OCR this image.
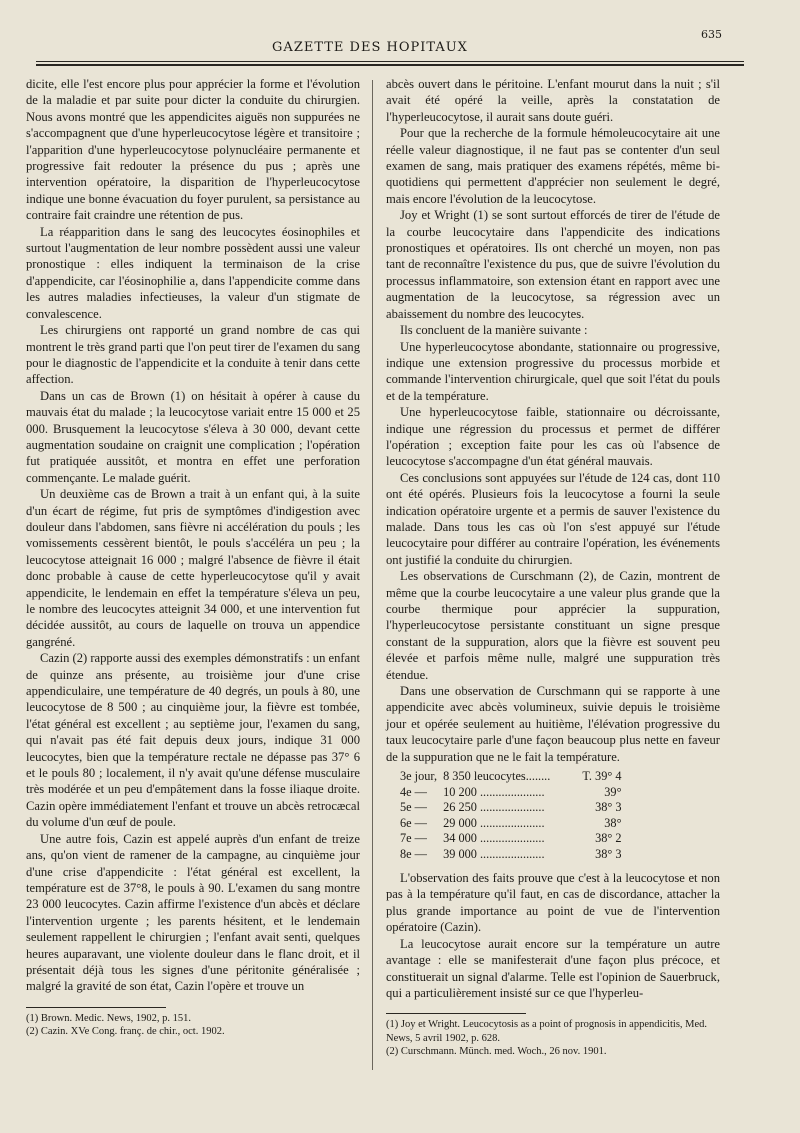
635
GAZETTE DES HOPITAUX

dicite, elle l'est encore plus pour apprécier la forme et l'évolution de la maladie et par suite pour dicter la conduite du chirurgien. Nous avons montré que les appendicites aiguës non suppurées ne s'accompagnent que d'une hyperleucocytose légère et transitoire ; l'apparition d'une hyperleucocytose polynucléaire permanente et progressive fait redouter la présence du pus ; après une intervention opératoire, la disparition de l'hyperleucocytose indique une bonne évacuation du foyer purulent, sa persistance au contraire fait craindre une rétention de pus.

La réapparition dans le sang des leucocytes éosinophiles et surtout l'augmentation de leur nombre possèdent aussi une valeur pronostique : elles indiquent la terminaison de la crise d'appendicite, car l'éosinophilie a, dans l'appendicite comme dans les autres maladies infectieuses, la valeur d'un stigmate de convalescence.

Les chirurgiens ont rapporté un grand nombre de cas qui montrent le très grand parti que l'on peut tirer de l'examen du sang pour le diagnostic de l'appendicite et la conduite à tenir dans cette affection.

Dans un cas de Brown (1) on hésitait à opérer à cause du mauvais état du malade ; la leucocytose variait entre 15 000 et 25 000. Brusquement la leucocytose s'éleva à 30 000, devant cette augmentation soudaine on craignit une complication ; l'opération fut pratiquée aussitôt, et montra en effet une perforation commençante. Le malade guérit.

Un deuxième cas de Brown a trait à un enfant qui, à la suite d'un écart de régime, fut pris de symptômes d'indigestion avec douleur dans l'abdomen, sans fièvre ni accélération du pouls ; les vomissements cessèrent bientôt, le pouls s'accéléra un peu ; la leucocytose atteignait 16 000 ; malgré l'absence de fièvre il était donc probable à cause de cette hyperleucocytose qu'il y avait appendicite, le lendemain en effet la température s'éleva un peu, le nombre des leucocytes atteignit 34 000, et une intervention fut décidée aussitôt, au cours de laquelle on trouva un appendice gangréné.

Cazin (2) rapporte aussi des exemples démonstratifs : un enfant de quinze ans présente, au troisième jour d'une crise appendiculaire, une température de 40 degrés, un pouls à 80, une leucocytose de 8 500 ; au cinquième jour, la fièvre est tombée, l'état général est excellent ; au septième jour, l'examen du sang, qui n'avait pas été fait depuis deux jours, indique 31 000 leucocytes, bien que la température rectale ne dépasse pas 37° 6 et le pouls 80 ; localement, il n'y avait qu'une défense musculaire très modérée et un peu d'empâtement dans la fosse iliaque droite. Cazin opère immédiatement l'enfant et trouve un abcès retrocæcal du volume d'un œuf de poule.

Une autre fois, Cazin est appelé auprès d'un enfant de treize ans, qu'on vient de ramener de la campagne, au cinquième jour d'une crise d'appendicite : l'état général est excellent, la température est de 37°8, le pouls à 90. L'examen du sang montre 23 000 leucocytes. Cazin affirme l'existence d'un abcès et déclare l'intervention urgente ; les parents hésitent, et le lendemain seulement rappellent le chirurgien ; l'enfant avait senti, quelques heures auparavant, une violente douleur dans le flanc droit, et il présentait déjà tous les signes d'une péritonite généralisée ; malgré la gravité de son état, Cazin l'opère et trouve un

(1) Brown. Medic. News, 1902, p. 151.
(2) Cazin. XVe Cong. franç. de chir., oct. 1902.

abcès ouvert dans le péritoine. L'enfant mourut dans la nuit ; s'il avait été opéré la veille, après la constatation de l'hyperleucocytose, il aurait sans doute guéri.

Pour que la recherche de la formule hémoleucocytaire ait une réelle valeur diagnostique, il ne faut pas se contenter d'un seul examen de sang, mais pratiquer des examens répétés, même bi-quotidiens qui permettent d'apprécier non seulement le degré, mais encore l'évolution de la leucocytose.

Joy et Wright (1) se sont surtout efforcés de tirer de l'étude de la courbe leucocytaire dans l'appendicite des indications pronostiques et opératoires. Ils ont cherché un moyen, non pas tant de reconnaître l'existence du pus, que de suivre l'évolution du processus inflammatoire, son extension étant en rapport avec une augmentation de la leucocytose, sa régression avec un abaissement du nombre des leucocytes.

Ils concluent de la manière suivante :

Une hyperleucocytose abondante, stationnaire ou progressive, indique une extension progressive du processus morbide et commande l'intervention chirurgicale, quel que soit l'état du pouls et de la température.

Une hyperleucocytose faible, stationnaire ou décroissante, indique une régression du processus et permet de différer l'opération ; exception faite pour les cas où l'absence de leucocytose s'accompagne d'un état général mauvais.

Ces conclusions sont appuyées sur l'étude de 124 cas, dont 110 ont été opérés. Plusieurs fois la leucocytose a fourni la seule indication opératoire urgente et a permis de sauver l'existence du malade. Dans tous les cas où l'on s'est appuyé sur l'étude leucocytaire pour différer au contraire l'opération, les événements ont justifié la conduite du chirurgien.

Les observations de Curschmann (2), de Cazin, montrent de même que la courbe leucocytaire a une valeur plus grande que la courbe thermique pour apprécier la suppuration, l'hyperleucocytose persistante constituant un signe presque constant de la suppuration, alors que la fièvre est souvent peu élevée et parfois même nulle, malgré une suppuration très étendue.

Dans une observation de Curschmann qui se rapporte à une appendicite avec abcès volumineux, suivie depuis le troisième jour et opérée seulement au huitième, l'élévation progressive du taux leucocytaire parle d'une façon beaucoup plus nette en faveur de la suppuration que ne le fait la température.

3e jour,	8 350 leucocytes........	T. 39° 4
4e —	10 200 .....................	39°
5e —	26 250 .....................	38° 3
6e —	29 000 .....................	38°
7e —	34 000 .....................	38° 2
8e —	39 000 .....................	38° 3

L'observation des faits prouve que c'est à la leucocytose et non pas à la température qu'il faut, en cas de discordance, attacher la plus grande importance au point de vue de l'intervention opératoire (Cazin).

La leucocytose aurait encore sur la température un autre avantage : elle se manifesterait d'une façon plus précoce, et constituerait un signal d'alarme. Telle est l'opinion de Sauerbruck, qui a particulièrement insisté sur ce que l'hyperleu-

(1) Joy et Wright. Leucocytosis as a point of prognosis in appendicitis, Med. News, 5 avril 1902, p. 628.
(2) Curschmann. Münch. med. Woch., 26 nov. 1901.
